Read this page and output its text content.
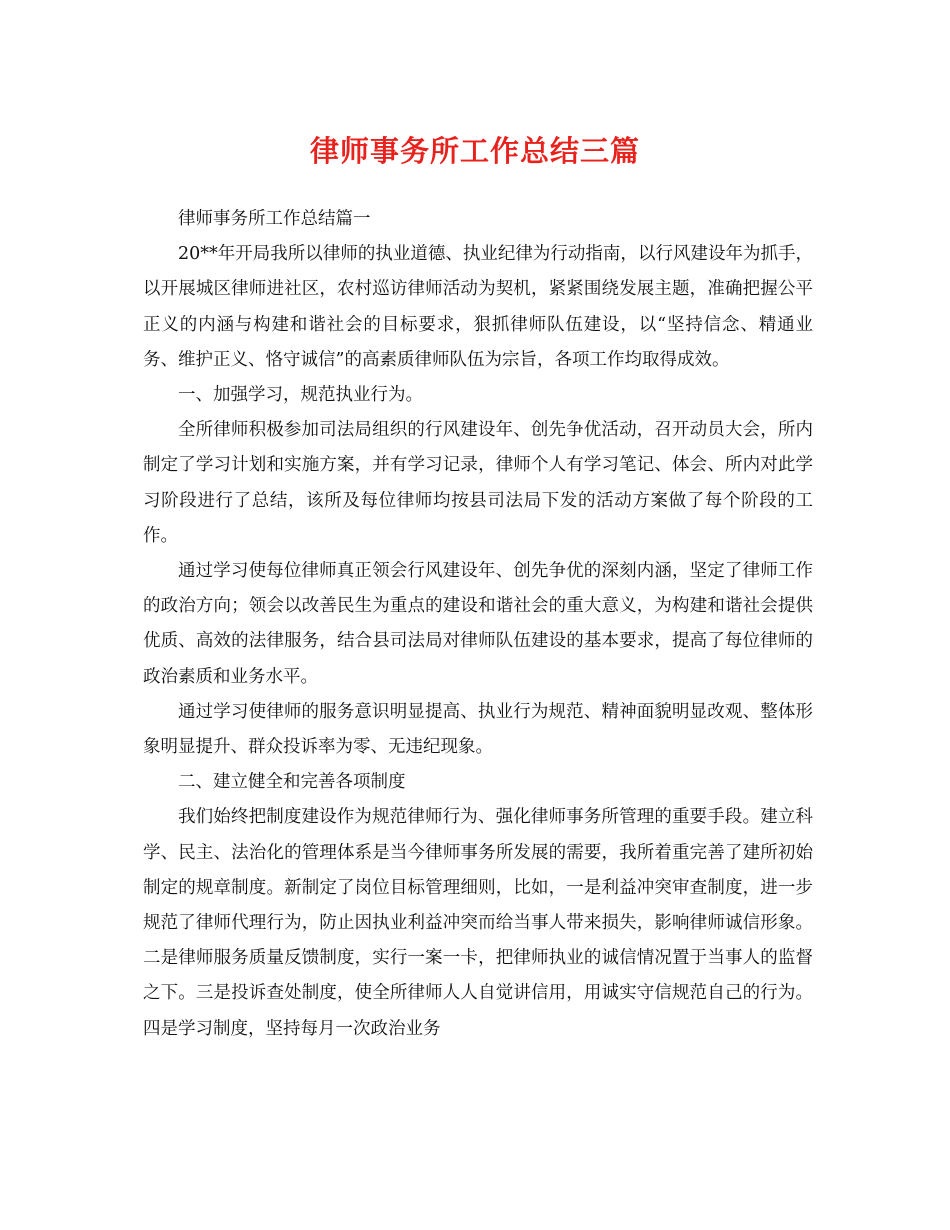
律师事务所工作总结三篇

律师事务所工作总结篇一

20**年开局我所以律师的执业道德、执业纪律为行动指南，以行风建设年为抓手，以开展城区律师进社区，农村巡访律师活动为契机，紧紧围绕发展主题，准确把握公平正义的内涵与构建和谐社会的目标要求，狠抓律师队伍建设，以“坚持信念、精通业务、维护正义、恪守诚信”的高素质律师队伍为宗旨，各项工作均取得成效。

一、加强学习，规范执业行为。

全所律师积极参加司法局组织的行风建设年、创先争优活动，召开动员大会，所内制定了学习计划和实施方案，并有学习记录，律师个人有学习笔记、体会、所内对此学习阶段进行了总结，该所及每位律师均按县司法局下发的活动方案做了每个阶段的工作。

通过学习使每位律师真正领会行风建设年、创先争优的深刻内涵，坚定了律师工作的政治方向；领会以改善民生为重点的建设和谐社会的重大意义，为构建和谐社会提供优质、高效的法律服务，结合县司法局对律师队伍建设的基本要求，提高了每位律师的政治素质和业务水平。

通过学习使律师的服务意识明显提高、执业行为规范、精神面貌明显改观、整体形象明显提升、群众投诉率为零、无违纪现象。

二、建立健全和完善各项制度

我们始终把制度建设作为规范律师行为、强化律师事务所管理的重要手段。建立科学、民主、法治化的管理体系是当今律师事务所发展的需要，我所着重完善了建所初始制定的规章制度。新制定了岗位目标管理细则，比如，一是利益冲突审查制度，进一步规范了律师代理行为，防止因执业利益冲突而给当事人带来损失，影响律师诚信形象。二是律师服务质量反馈制度，实行一案一卡，把律师执业的诚信情况置于当事人的监督之下。三是投诉查处制度，使全所律师人人自觉讲信用，用诚实守信规范自己的行为。四是学习制度，坚持每月一次政治业务
